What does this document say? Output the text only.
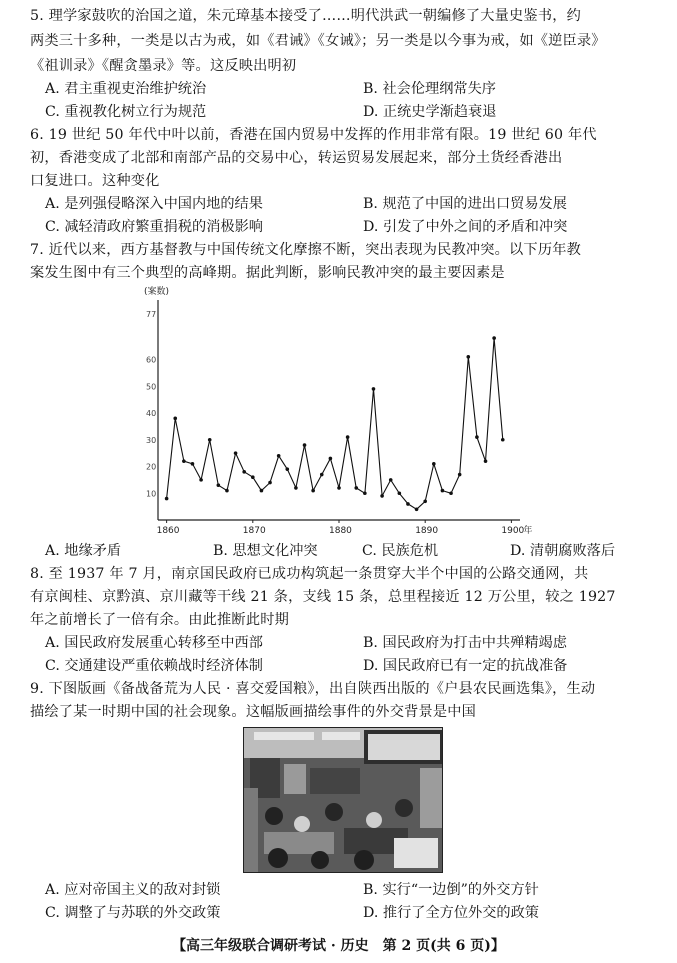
5. 理学家鼓吹的治国之道，朱元璋基本接受了……明代洪武一朝编修了大量史鉴书，约
两类三十多种，一类是以古为戒，如《君诫》《女诫》；另一类是以今事为戒，如《逆臣录》
《祖训录》《醒贪墨录》等。这反映出明初
A. 君主重视吏治维护统治	B. 社会伦理纲常失序
C. 重视教化树立行为规范	D. 正统史学渐趋衰退
6. 19 世纪 50 年代中叶以前，香港在国内贸易中发挥的作用非常有限。19 世纪 60 年代
初，香港变成了北部和南部产品的交易中心，转运贸易发展起来，部分土货经香港出
口复进口。这种变化
A. 是列强侵略深入中国内地的结果	B. 规范了中国的进出口贸易发展
C. 减轻清政府繁重捐税的消极影响	D. 引发了中外之间的矛盾和冲突
7. 近代以来，西方基督教与中国传统文化摩擦不断，突出表现为民教冲突。以下历年教
案发生图中有三个典型的高峰期。据此判断，影响民教冲突的最主要因素是
(案数)
10
20
30
40
50
60
77
1860	1870	1880	1890	1900 年
A. 地缘矛盾	B. 思想文化冲突	C. 民族危机	D. 清朝腐败落后
8. 至 1937 年 7 月，南京国民政府已成功构筑起一条贯穿大半个中国的公路交通网，共
有京闽桂、京黔滇、京川藏等干线 21 条，支线 15 条，总里程接近 12 万公里，较之 1927
年之前增长了一倍有余。由此推断此时期
A. 国民政府发展重心转移至中西部	B. 国民政府为打击中共殚精竭虑
C. 交通建设严重依赖战时经济体制	D. 国民政府已有一定的抗战准备
9. 下图版画《备战备荒为人民 · 喜交爱国粮》，出自陕西出版的《户县农民画选集》，生动
描绘了某一时期中国的社会现象。这幅版画描绘事件的外交背景是中国
A. 应对帝国主义的敌对封锁	B. 实行“一边倒”的外交方针
C. 调整了与苏联的外交政策	D. 推行了全方位外交的政策
【高三年级联合调研考试 · 历史　第 2 页(共 6 页)】
